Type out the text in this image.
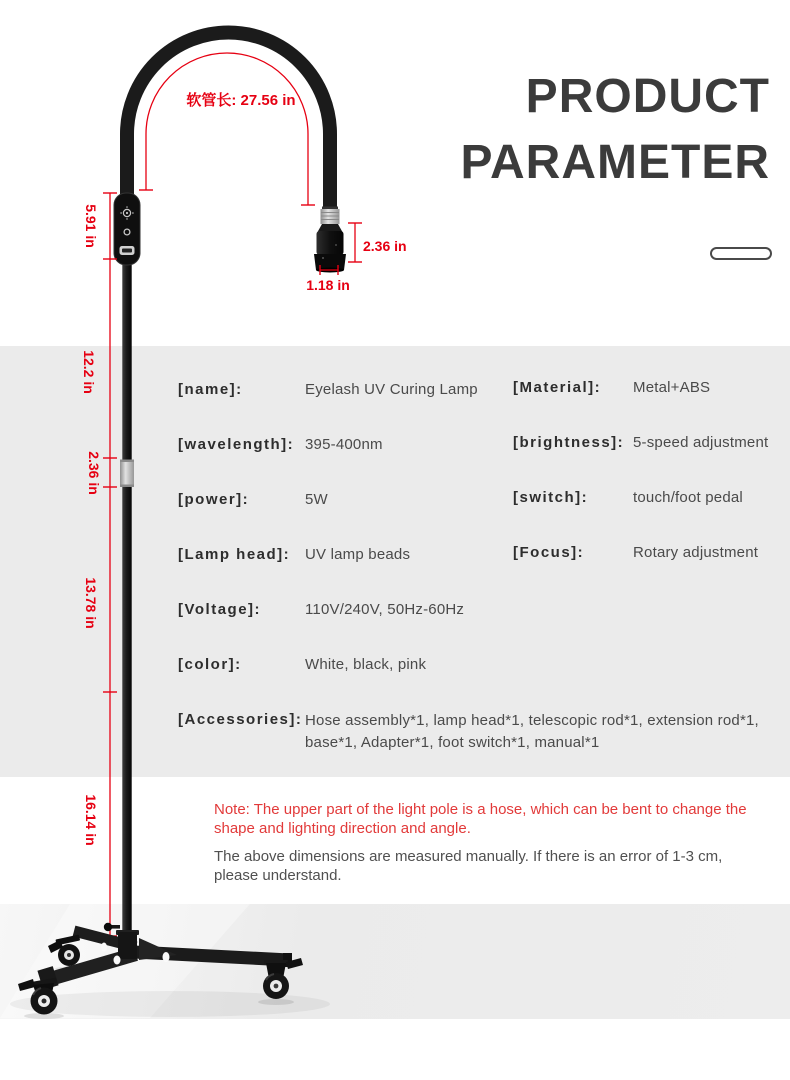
软管长: 27.56 in
5.91 in
12.2 in
2.36 in
13.78 in
16.14 in
2.36 in
1.18 in
PRODUCT
PARAMETER
[name]:	Eyelash UV Curing Lamp
[wavelength]: 395-400nm
[power]:	5W
[Lamp head]: UV lamp beads
[Voltage]:	110V/240V, 50Hz-60Hz
[color]:	White, black, pink
[Accessories]: Hose assembly*1, lamp head*1, telescopic rod*1, extension rod*1, base*1, Adapter*1, foot switch*1, manual*1
[Material]: Metal+ABS
[brightness]: 5-speed adjustment
[switch]:	touch/foot pedal
[Focus]:	Rotary adjustment
Note: The upper part of the light pole is a hose, which can be bent to change the shape and lighting direction and angle.
The above dimensions are measured manually. If there is an error of 1-3 cm, please understand.
